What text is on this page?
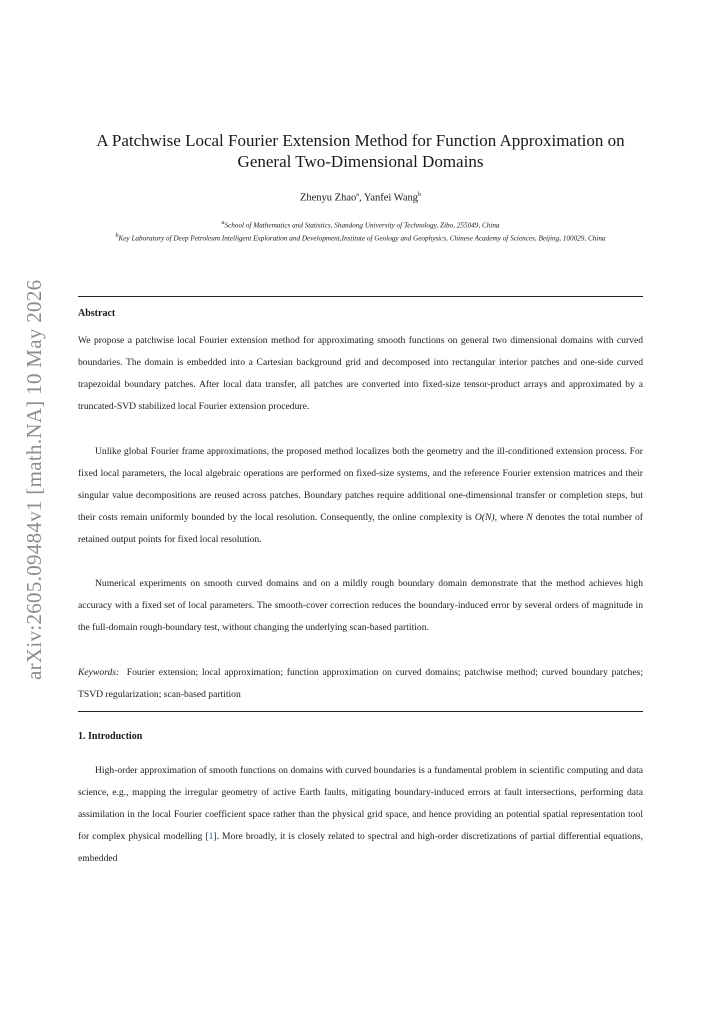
arXiv:2605.09484v1 [math.NA] 10 May 2026
A Patchwise Local Fourier Extension Method for Function Approximation on
General Two-Dimensional Domains
Zhenyu Zhao$^a$, Yanfei Wang$^b$
$^a$School of Mathematics and Statistics, Shandong University of Technology, Zibo, 255049, China
$^b$Key Laboratory of Deep Petroleum Intelligent Exploration and Development,Institute of Geology and Geophysics, Chinese Academy of Sciences, Beijing, 100029, China
Abstract

We propose a patchwise local Fourier extension method for approximating smooth functions on general two dimensional domains with curved boundaries. The domain is embedded into a Cartesian background grid and decomposed into rectangular interior patches and one-side curved trapezoidal boundary patches. After local data transfer, all patches are converted into fixed-size tensor-product arrays and approximated by a truncated-SVD stabilized local Fourier extension procedure.

Unlike global Fourier frame approximations, the proposed method localizes both the geometry and the ill-conditioned extension process. For fixed local parameters, the local algebraic operations are performed on fixed-size systems, and the reference Fourier extension matrices and their singular value decompositions are reused across patches. Boundary patches require additional one-dimensional transfer or completion steps, but their costs remain uniformly bounded by the local resolution. Consequently, the online complexity is O(N), where N denotes the total number of retained output points for fixed local resolution.

Numerical experiments on smooth curved domains and on a mildly rough boundary domain demonstrate that the method achieves high accuracy with a fixed set of local parameters. The smooth-cover correction reduces the boundary-induced error by several orders of magnitude in the full-domain rough-boundary test, without changing the underlying scan-based partition.

Keywords: Fourier extension; local approximation; function approximation on curved domains; patchwise method; curved boundary patches; TSVD regularization; scan-based partition

1. Introduction

High-order approximation of smooth functions on domains with curved boundaries is a fundamental problem in scientific computing and data science, e.g., mapping the irregular geometry of active Earth faults, mitigating boundary-induced errors at fault intersections, performing data assimilation in the local Fourier coefficient space rather than the physical grid space, and hence providing an potential spatial representation tool for complex physical modelling [1]. More broadly, it is closely related to spectral and high-order discretizations of partial differential equations, embedded
